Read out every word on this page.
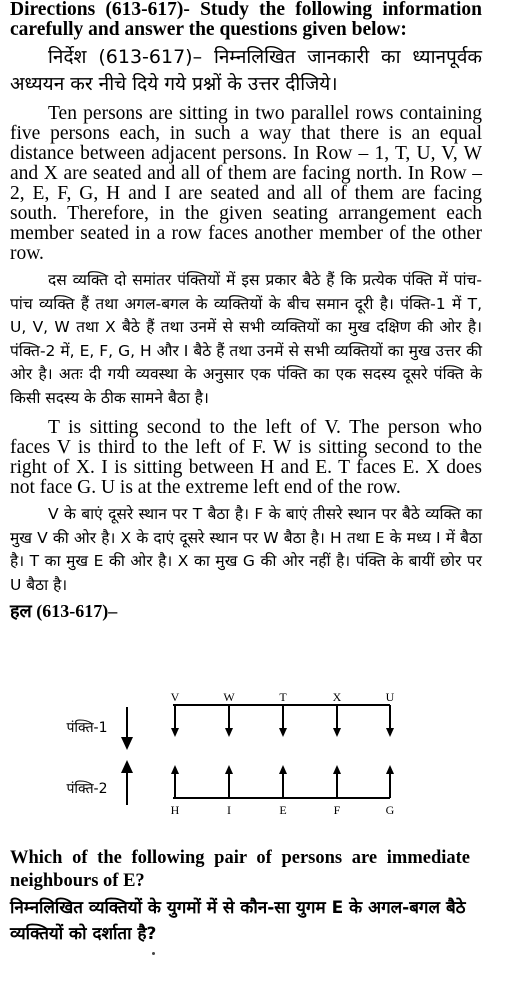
Directions (613-617)- Study the following information carefully and answer the questions given below:

निर्देश (613-617)– निम्नलिखित जानकारी का ध्यानपूर्वक अध्ययन कर नीचे दिये गये प्रश्नों के उत्तर दीजिये।

Ten persons are sitting in two parallel rows containing five persons each, in such a way that there is an equal distance between adjacent persons. In Row – 1, T, U, V, W and X are seated and all of them are facing north. In Row – 2, E, F, G, H and I are seated and all of them are facing south. Therefore, in the given seating arrangement each member seated in a row faces another member of the other row.

दस व्यक्ति दो समांतर पंक्तियों में इस प्रकार बैठे हैं कि प्रत्येक पंक्ति में पांच-पांच व्यक्ति हैं तथा अगल-बगल के व्यक्तियों के बीच समान दूरी है। पंक्ति-1 में T, U, V, W तथा X बैठे हैं तथा उनमें से सभी व्यक्तियों का मुख दक्षिण की ओर है। पंक्ति-2 में, E, F, G, H और I बैठे हैं तथा उनमें से सभी व्यक्तियों का मुख उत्तर की ओर है। अतः दी गयी व्यवस्था के अनुसार एक पंक्ति का एक सदस्य दूसरे पंक्ति के किसी सदस्य के ठीक सामने बैठा है।

T is sitting second to the left of V. The person who faces V is third to the left of F. W is sitting second to the right of X. I is sitting between H and E. T faces E. X does not face G. U is at the extreme left end of the row.

V के बाएं दूसरे स्थान पर T बैठा है। F के बाएं तीसरे स्थान पर बैठे व्यक्ति का मुख V की ओर है। X के दाएं दूसरे स्थान पर W बैठा है। H तथा E के मध्य I में बैठा है। T का मुख E की ओर है। X का मुख G की ओर नहीं है। पंक्ति के बायीं छोर पर U बैठा है।

हल (613-617)–

पंक्ति-1
पंक्ति-2
V	W	T	X	U
H	I	E	F	G

Which of the following pair of persons are immediate neighbours of E?

निम्नलिखित व्यक्तियों के युगमों में से कौन-सा युगम E के अगल-बगल बैठे व्यक्तियों को दर्शाता है?
